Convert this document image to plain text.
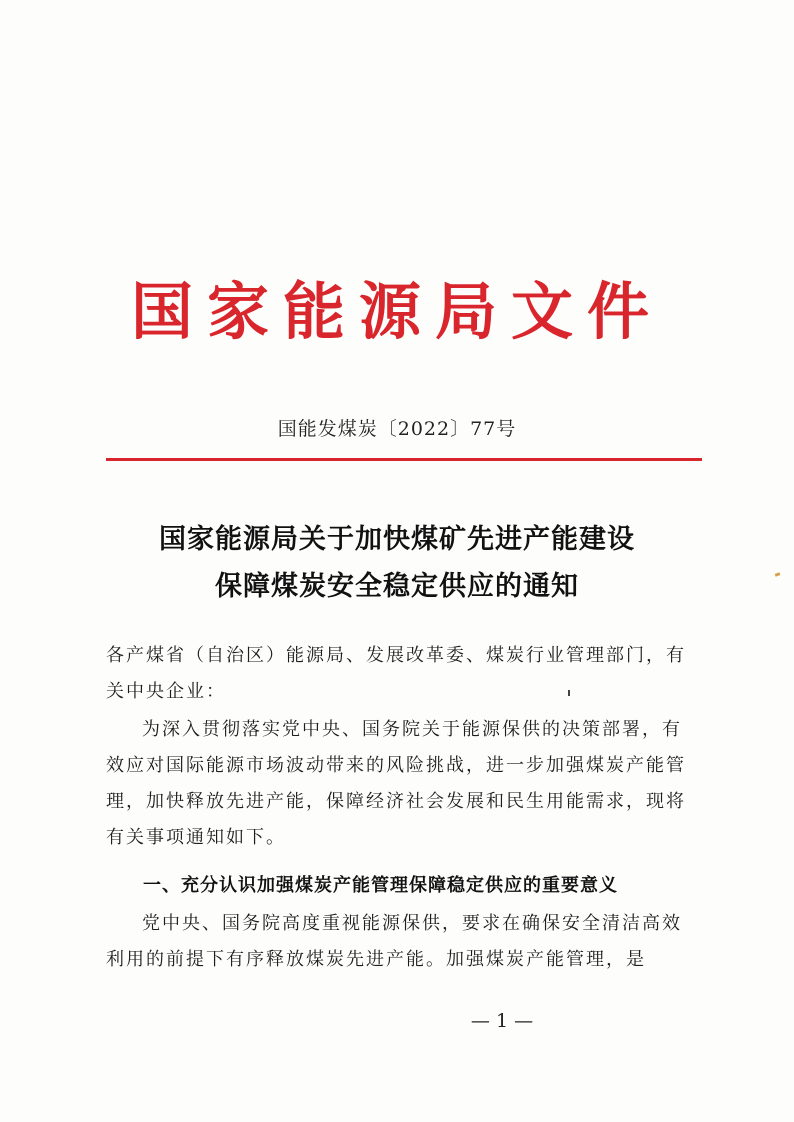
国家能源局文件
国能发煤炭〔2022〕77号
国家能源局关于加快煤矿先进产能建设
保障煤炭安全稳定供应的通知
各产煤省（自治区）能源局、发展改革委、煤炭行业管理部门，有关中央企业：
为深入贯彻落实党中央、国务院关于能源保供的决策部署，有效应对国际能源市场波动带来的风险挑战，进一步加强煤炭产能管理，加快释放先进产能，保障经济社会发展和民生用能需求，现将有关事项通知如下。
一、充分认识加强煤炭产能管理保障稳定供应的重要意义
党中央、国务院高度重视能源保供，要求在确保安全清洁高效利用的前提下有序释放煤炭先进产能。加强煤炭产能管理，是
— 1 —
